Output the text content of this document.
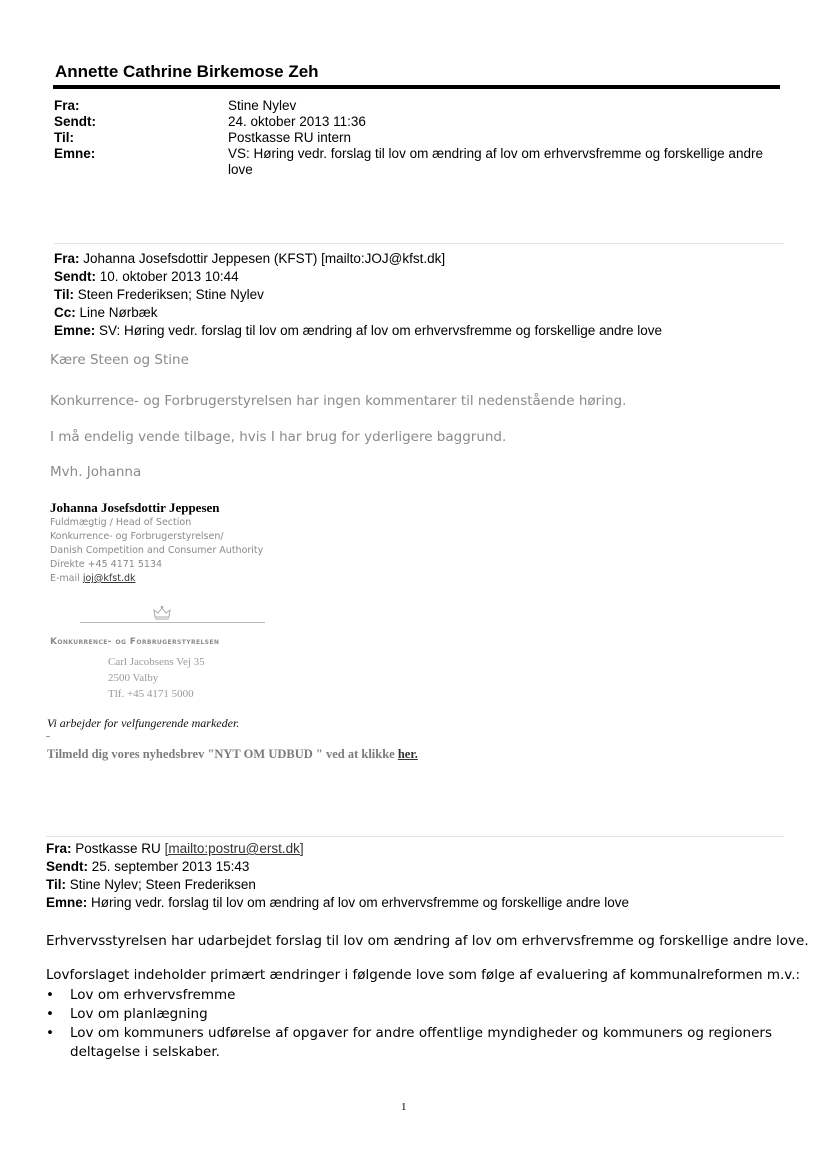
Annette Cathrine Birkemose Zeh
Fra:	Stine Nylev
Sendt:	24. oktober 2013 11:36
Til:	Postkasse RU intern
Emne:	VS: Høring vedr. forslag til lov om ændring af lov om erhvervsfremme og forskellige andre love
Fra: Johanna Josefsdottir Jeppesen (KFST) [mailto:JOJ@kfst.dk]
Sendt: 10. oktober 2013 10:44
Til: Steen Frederiksen; Stine Nylev
Cc: Line Nørbæk
Emne: SV: Høring vedr. forslag til lov om ændring af lov om erhvervsfremme og forskellige andre love
Kære Steen og Stine
Konkurrence- og Forbrugerstyrelsen har ingen kommentarer til nedenstående høring.
I må endelig vende tilbage, hvis I har brug for yderligere baggrund.
Mvh. Johanna
Johanna Josefsdottir Jeppesen
Fuldmægtig / Head of Section
Konkurrence- og Forbrugerstyrelsen/
Danish Competition and Consumer Authority
Direkte +45 4171 5134
E-mail joj@kfst.dk
Konkurrence- og Forbrugerstyrelsen
Carl Jacobsens Vej 35
2500 Valby
Tlf. +45 4171 5000
Vi arbejder for velfungerende markeder.
Tilmeld dig vores nyhedsbrev "NYT OM UDBUD " ved at klikke her.
Fra: Postkasse RU [mailto:postru@erst.dk]
Sendt: 25. september 2013 15:43
Til: Stine Nylev; Steen Frederiksen
Emne: Høring vedr. forslag til lov om ændring af lov om erhvervsfremme og forskellige andre love
Erhvervsstyrelsen har udarbejdet forslag til lov om ændring af lov om erhvervsfremme og forskellige andre love.
Lovforslaget indeholder primært ændringer i følgende love som følge af evaluering af kommunalreformen m.v.:
• Lov om erhvervsfremme
• Lov om planlægning
• Lov om kommuners udførelse af opgaver for andre offentlige myndigheder og kommuners og regioners deltagelse i selskaber.
1
